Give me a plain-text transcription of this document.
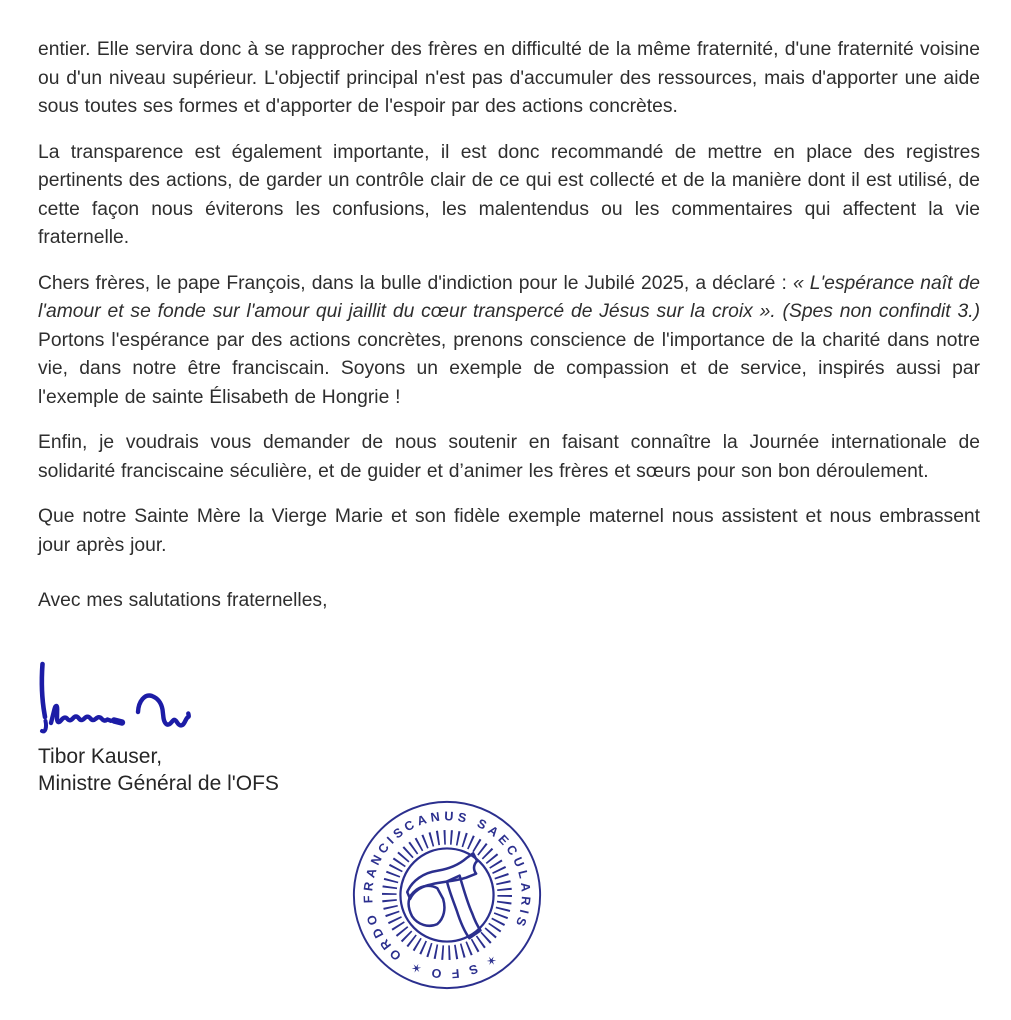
entier. Elle servira donc à se rapprocher des frères en difficulté de la même fraternité, d'une fraternité voisine ou d'un niveau supérieur. L'objectif principal n'est pas d'accumuler des ressources, mais d'apporter une aide sous toutes ses formes et d'apporter de l'espoir par des actions concrètes.

La transparence est également importante, il est donc recommandé de mettre en place des registres pertinents des actions, de garder un contrôle clair de ce qui est collecté et de la manière dont il est utilisé, de cette façon nous éviterons les confusions, les malentendus ou les commentaires qui affectent la vie fraternelle.

Chers frères, le pape François, dans la bulle d'indiction pour le Jubilé 2025, a déclaré : « L'espérance naît de l'amour et se fonde sur l'amour qui jaillit du cœur transpercé de Jésus sur la croix ». (Spes non confindit 3.) Portons l'espérance par des actions concrètes, prenons conscience de l'importance de la charité dans notre vie, dans notre être franciscain. Soyons un exemple de compassion et de service, inspirés aussi par l'exemple de sainte Élisabeth de Hongrie !

Enfin, je voudrais vous demander de nous soutenir en faisant connaître la Journée internationale de solidarité franciscaine séculière, et de guider et d’animer les frères et sœurs pour son bon déroulement.

Que notre Sainte Mère la Vierge Marie et son fidèle exemple maternel nous assistent et nous embrassent jour après jour.

Avec mes salutations fraternelles,

Tibor Kauser,
Ministre Général de l'OFS
ORDO FRANCISCANUS SAECULARIS
✶ S F O ✶
